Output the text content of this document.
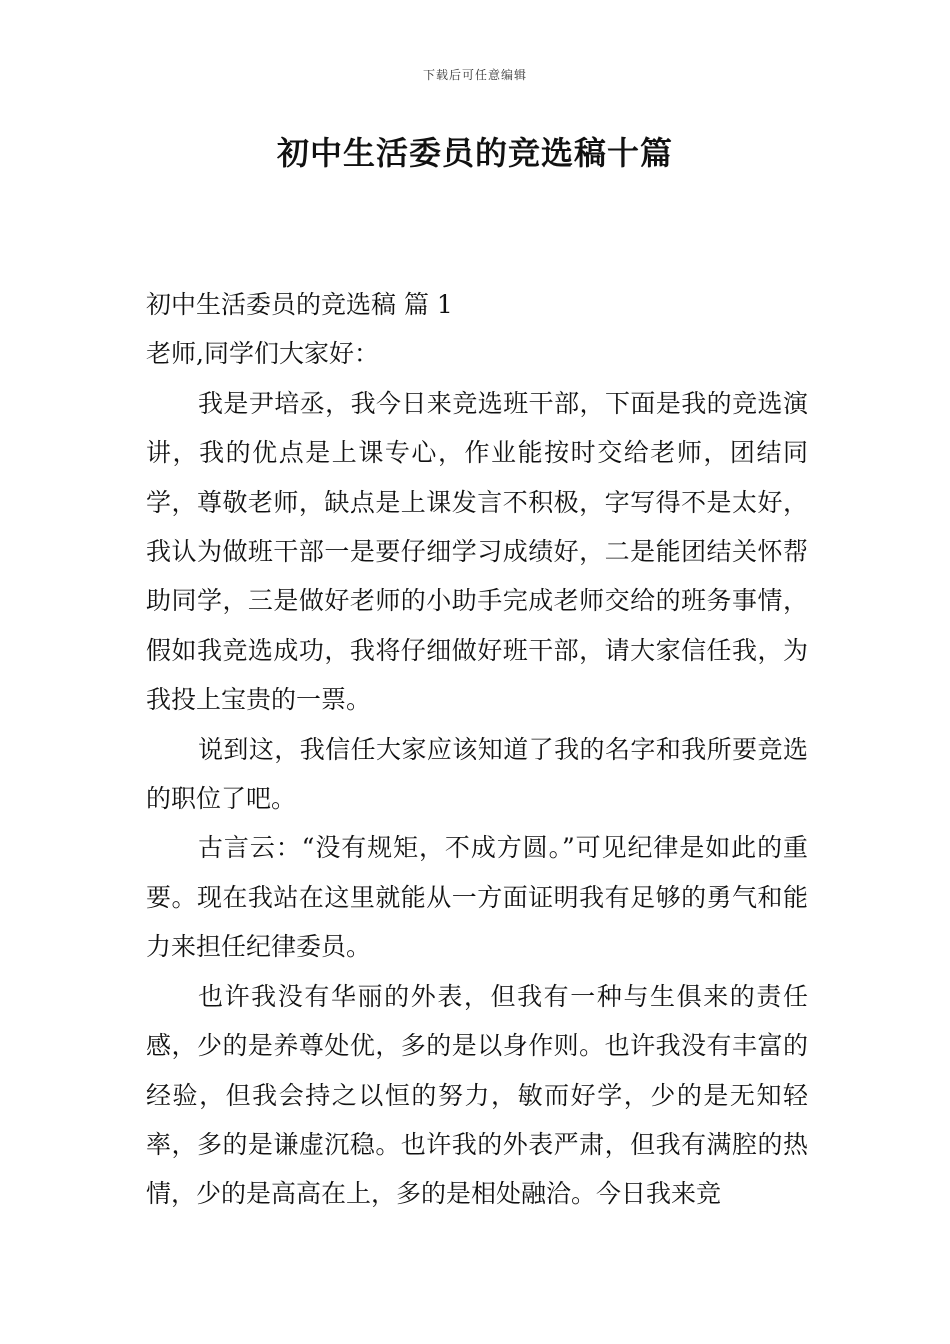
下载后可任意编辑
初中生活委员的竞选稿十篇

初中生活委员的竞选稿 篇 1

老师,同学们大家好：

我是尹培丞，我今日来竞选班干部，下面是我的竞选演讲，我的优点是上课专心，作业能按时交给老师，团结同学，尊敬老师，缺点是上课发言不积极，字写得不是太好，我认为做班干部一是要仔细学习成绩好，二是能团结关怀帮助同学，三是做好老师的小助手完成老师交给的班务事情，假如我竞选成功，我将仔细做好班干部，请大家信任我，为我投上宝贵的一票。

说到这，我信任大家应该知道了我的名字和我所要竞选的职位了吧。

古言云：“没有规矩，不成方圆。”可见纪律是如此的重要。现在我站在这里就能从一方面证明我有足够的勇气和能力来担任纪律委员。

也许我没有华丽的外表，但我有一种与生俱来的责任感，少的是养尊处优，多的是以身作则。也许我没有丰富的经验，但我会持之以恒的努力，敏而好学，少的是无知轻率，多的是谦虚沉稳。也许我的外表严肃，但我有满腔的热情，少的是高高在上，多的是相处融洽。今日我来竞
